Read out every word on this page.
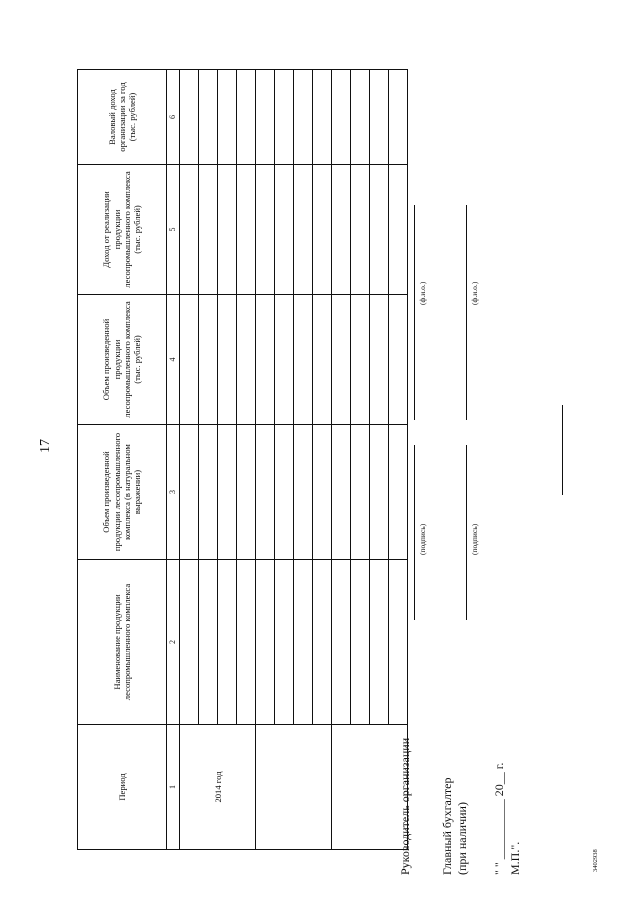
17
Период	Наименование продукции лесопромышленного комплекса	Объем произведенной продукции лесопромышленного комплекса (в натуральном выражении)	Объем произведенной продукции лесопромышленного комплекса (тыс. рублей)	Доход от реализации продукции лесопромышленного комплекса (тыс. рублей)	Валовый доход организации за год (тыс. рублей)
1	2	3	4	5	6
2014 год					

					Руководитель организации
(подпись)
(ф.и.о.)
Главный бухгалтер (при наличии)
(подпись)
(ф.и.о.)
" " __________ 20__ г. М.П.".	3402938
